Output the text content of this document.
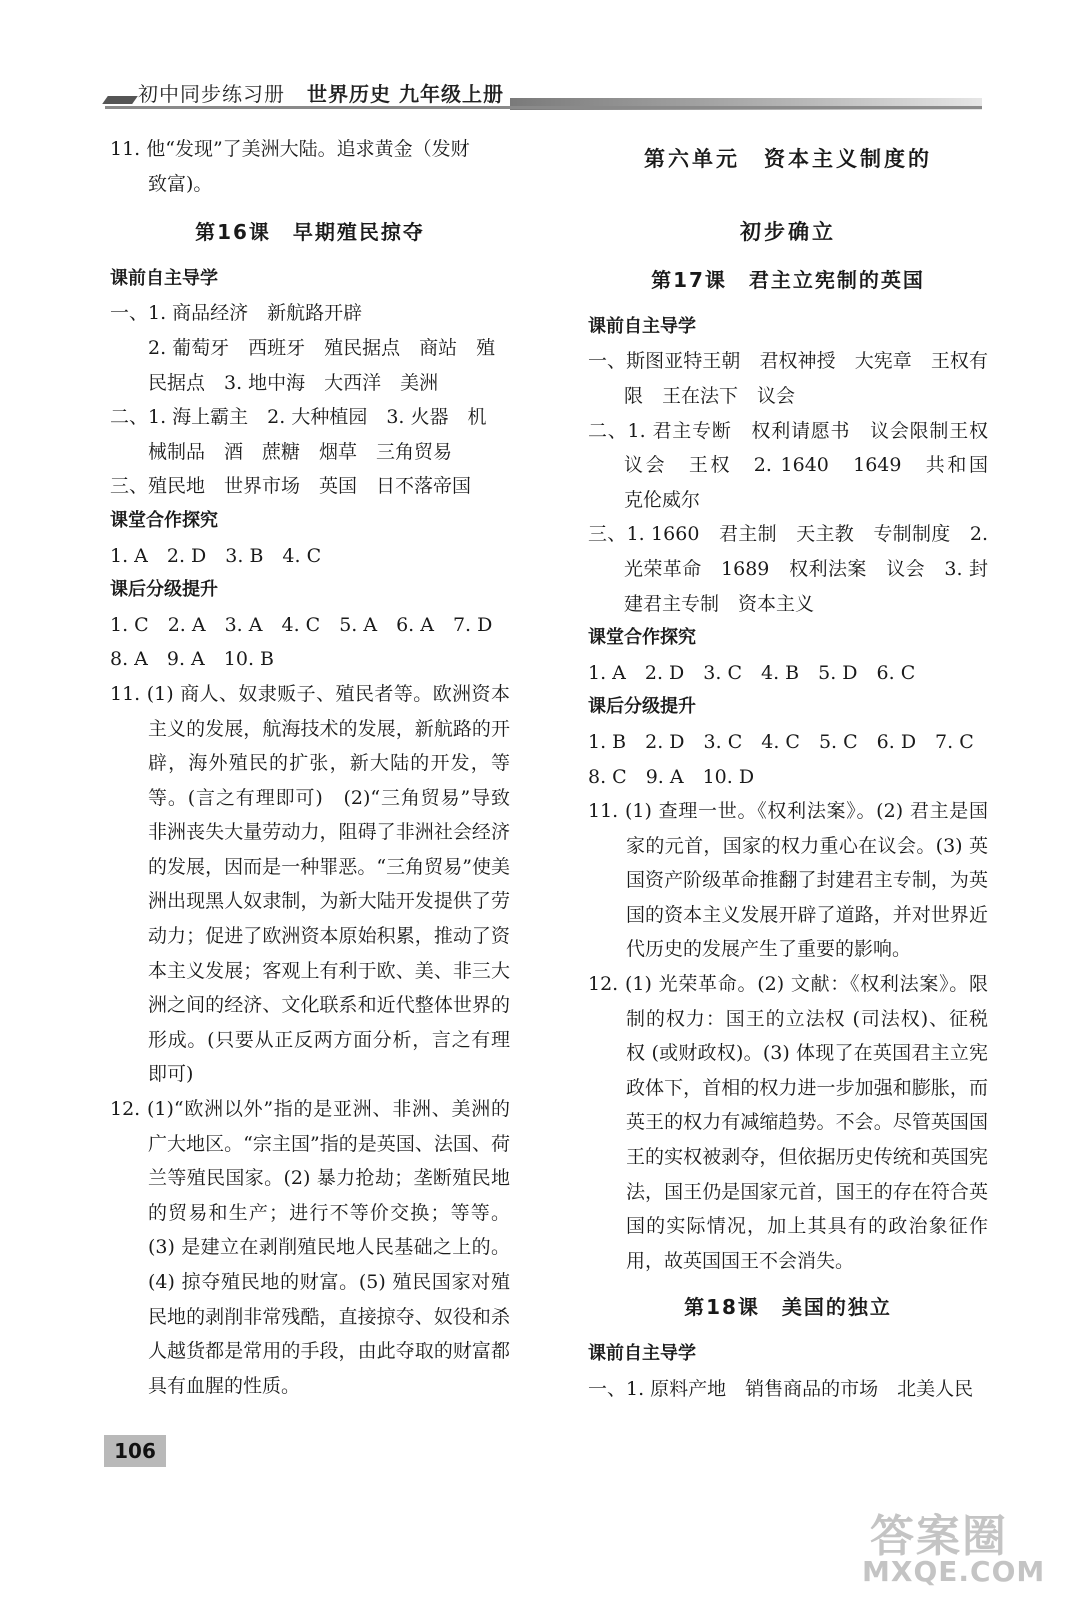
初中同步练习册 世界历史 九年级上册

11. 他“发现”了美洲大陆。追求黄金（发财

致富)。

第16课　早期殖民掠夺

课前自主导学

一、1. 商品经济　新航路开辟

2. 葡萄牙　西班牙　殖民据点　商站　殖

民据点　3. 地中海　大西洋　美洲

二、1. 海上霸主　2. 大种植园　3. 火器　机

械制品　酒　蔗糖　烟草　三角贸易

三、殖民地　世界市场　英国　日不落帝国

课堂合作探究

1. A　2. D　3. B　4. C

课后分级提升

1. C　2. A　3. A　4. C　5. A　6. A　7. D

8. A　9. A　10. B

11. (1) 商人、奴隶贩子、殖民者等。欧洲资本主义的发展，航海技术的发展，新航路的开辟，海外殖民的扩张，新大陆的开发，等等。(言之有理即可)　(2)“三角贸易”导致非洲丧失大量劳动力，阻碍了非洲社会经济的发展，因而是一种罪恶。“三角贸易”使美洲出现黑人奴隶制，为新大陆开发提供了劳动力；促进了欧洲资本原始积累，推动了资本主义发展；客观上有利于欧、美、非三大洲之间的经济、文化联系和近代整体世界的形成。(只要从正反两方面分析，言之有理即可)

12. (1)“欧洲以外”指的是亚洲、非洲、美洲的广大地区。“宗主国”指的是英国、法国、荷兰等殖民国家。(2) 暴力抢劫；垄断殖民地的贸易和生产；进行不等价交换；等等。(3) 是建立在剥削殖民地人民基础之上的。(4) 掠夺殖民地的财富。(5) 殖民国家对殖民地的剥削非常残酷，直接掠夺、奴役和杀人越货都是常用的手段，由此夺取的财富都具有血腥的性质。

第六单元　资本主义制度的

初步确立

第17课　君主立宪制的英国

课前自主导学

一、斯图亚特王朝　君权神授　大宪章　王权有限　王在法下　议会

二、1. 君主专断　权利请愿书　议会限制王权议会　王权　2. 1640　1649　共和国　克伦威尔

三、1. 1660　君主制　天主教　专制制度　2. 光荣革命　1689　权利法案　议会　3. 封建君主专制　资本主义

课堂合作探究

1. A　2. D　3. C　4. B　5. D　6. C

课后分级提升

1. B　2. D　3. C　4. C　5. C　6. D　7. C

8. C　9. A　10. D

11. (1) 查理一世。《权利法案》。(2) 君主是国家的元首，国家的权力重心在议会。(3) 英国资产阶级革命推翻了封建君主专制，为英国的资本主义发展开辟了道路，并对世界近代历史的发展产生了重要的影响。

12. (1) 光荣革命。(2) 文献：《权利法案》。限制的权力：国王的立法权 (司法权)、征税权 (或财政权)。(3) 体现了在英国君主立宪政体下，首相的权力进一步加强和膨胀，而英王的权力有减缩趋势。不会。尽管英国国王的实权被剥夺，但依据历史传统和英国宪法，国王仍是国家元首，国王的存在符合英国的实际情况，加上其具有的政治象征作用，故英国国王不会消失。

第18课　美国的独立

课前自主导学

一、1. 原料产地　销售商品的市场　北美人民

106
答案圈
MXQE.COM
